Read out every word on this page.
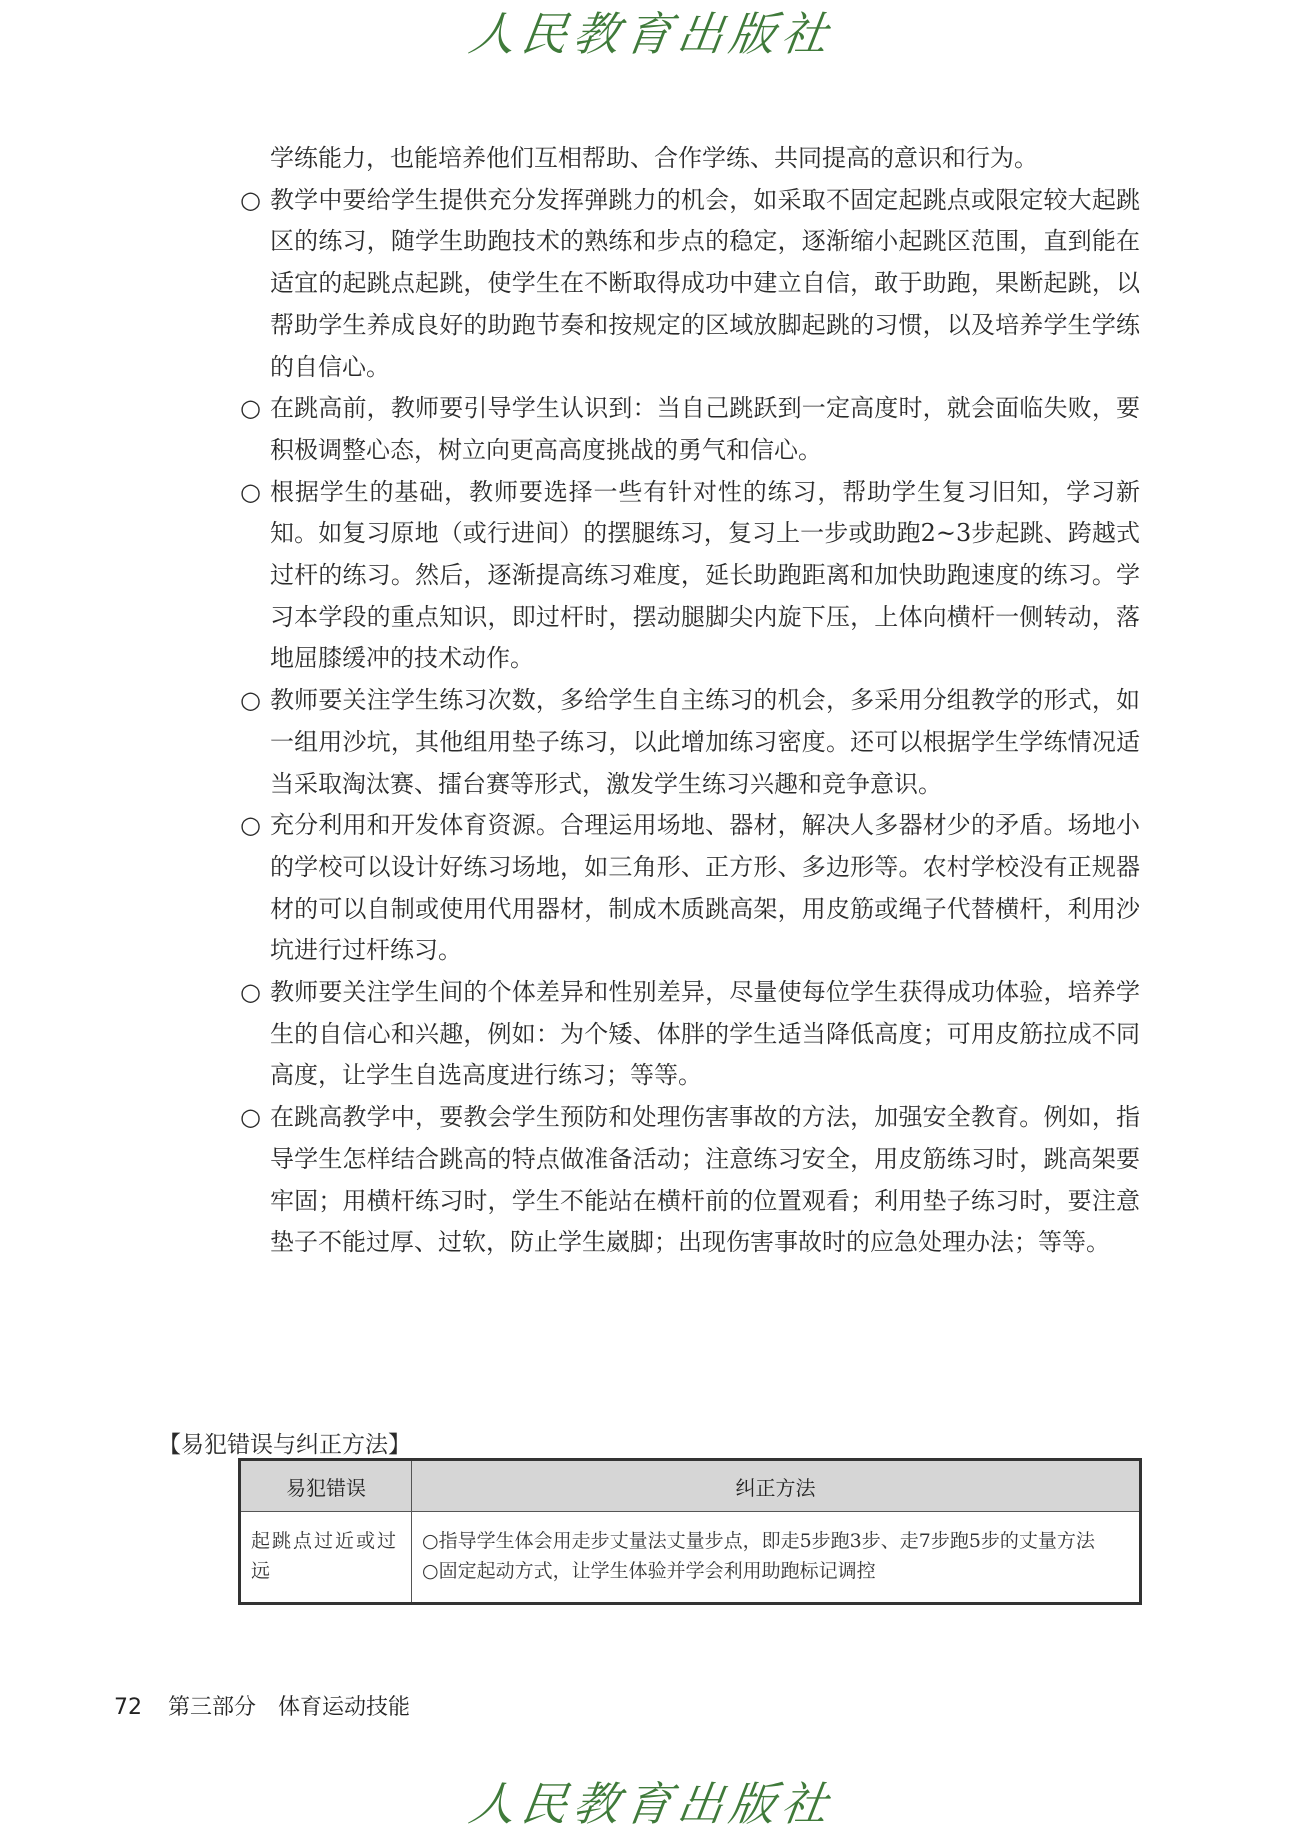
人民教育出版社
学练能力，也能培养他们互相帮助、合作学练、共同提高的意识和行为。
○ 教学中要给学生提供充分发挥弹跳力的机会，如采取不固定起跳点或限定较大起跳区的练习，随学生助跑技术的熟练和步点的稳定，逐渐缩小起跳区范围，直到能在适宜的起跳点起跳，使学生在不断取得成功中建立自信，敢于助跑，果断起跳，以帮助学生养成良好的助跑节奏和按规定的区域放脚起跳的习惯，以及培养学生学练的自信心。
○ 在跳高前，教师要引导学生认识到：当自己跳跃到一定高度时，就会面临失败，要积极调整心态，树立向更高高度挑战的勇气和信心。
○ 根据学生的基础，教师要选择一些有针对性的练习，帮助学生复习旧知，学习新知。如复习原地（或行进间）的摆腿练习，复习上一步或助跑2~3步起跳、跨越式过杆的练习。然后，逐渐提高练习难度，延长助跑距离和加快助跑速度的练习。学习本学段的重点知识，即过杆时，摆动腿脚尖内旋下压，上体向横杆一侧转动，落地屈膝缓冲的技术动作。
○ 教师要关注学生练习次数，多给学生自主练习的机会，多采用分组教学的形式，如一组用沙坑，其他组用垫子练习，以此增加练习密度。还可以根据学生学练情况适当采取淘汰赛、擂台赛等形式，激发学生练习兴趣和竞争意识。
○ 充分利用和开发体育资源。合理运用场地、器材，解决人多器材少的矛盾。场地小的学校可以设计好练习场地，如三角形、正方形、多边形等。农村学校没有正规器材的可以自制或使用代用器材，制成木质跳高架，用皮筋或绳子代替横杆，利用沙坑进行过杆练习。
○ 教师要关注学生间的个体差异和性别差异，尽量使每位学生获得成功体验，培养学生的自信心和兴趣，例如：为个矮、体胖的学生适当降低高度；可用皮筋拉成不同高度，让学生自选高度进行练习；等等。
○ 在跳高教学中，要教会学生预防和处理伤害事故的方法，加强安全教育。例如，指导学生怎样结合跳高的特点做准备活动；注意练习安全，用皮筋练习时，跳高架要牢固；用横杆练习时，学生不能站在横杆前的位置观看；利用垫子练习时，要注意垫子不能过厚、过软，防止学生崴脚；出现伤害事故时的应急处理办法；等等。
【易犯错误与纠正方法】
易犯错误	纠正方法
起跳点过近或过远	○指导学生体会用走步丈量法丈量步点，即走5步跑3步、走7步跑5步的丈量方法
○固定起动方式，让学生体验并学会利用助跑标记调控
72 第三部分　体育运动技能
人民教育出版社
